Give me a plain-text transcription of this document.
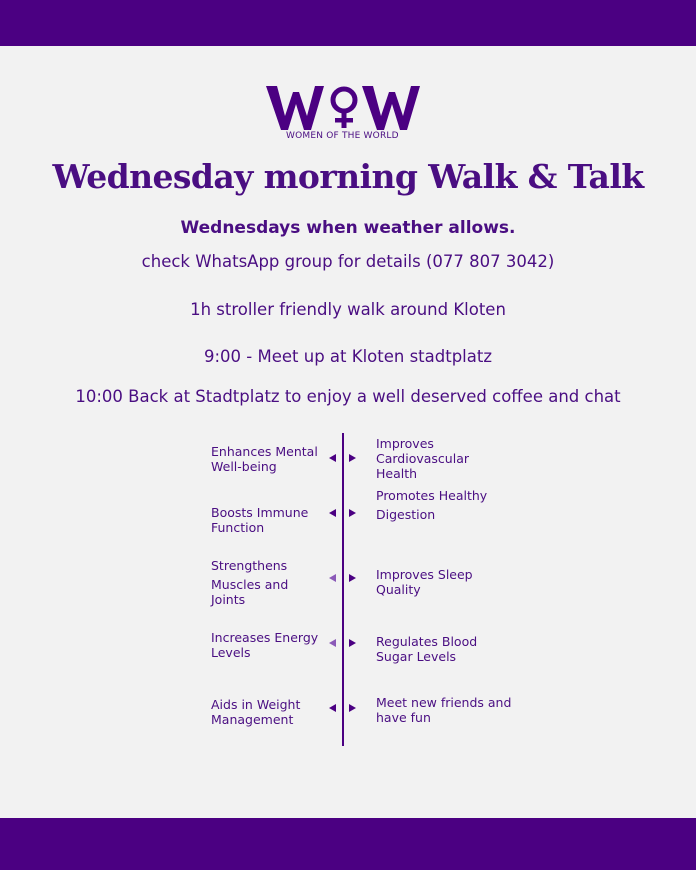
WOMEN OF THE WORLD
Wednesday morning Walk & Talk
Wednesdays when weather allows.
check WhatsApp group for details (077 807 3042)
1h stroller friendly walk around Kloten
9:00 - Meet up at Kloten stadtplatz
10:00 Back at Stadtplatz to enjoy a well deserved coffee and chat
Enhances Mental
Well-being
Boosts Immune
Function
Strengthens
Muscles and
Joints
Increases Energy
Levels
Aids in Weight
Management
Improves
Cardiovascular
Health
Promotes Healthy
Digestion
Improves Sleep
Quality
Regulates Blood
Sugar Levels
Meet new friends and
have fun
